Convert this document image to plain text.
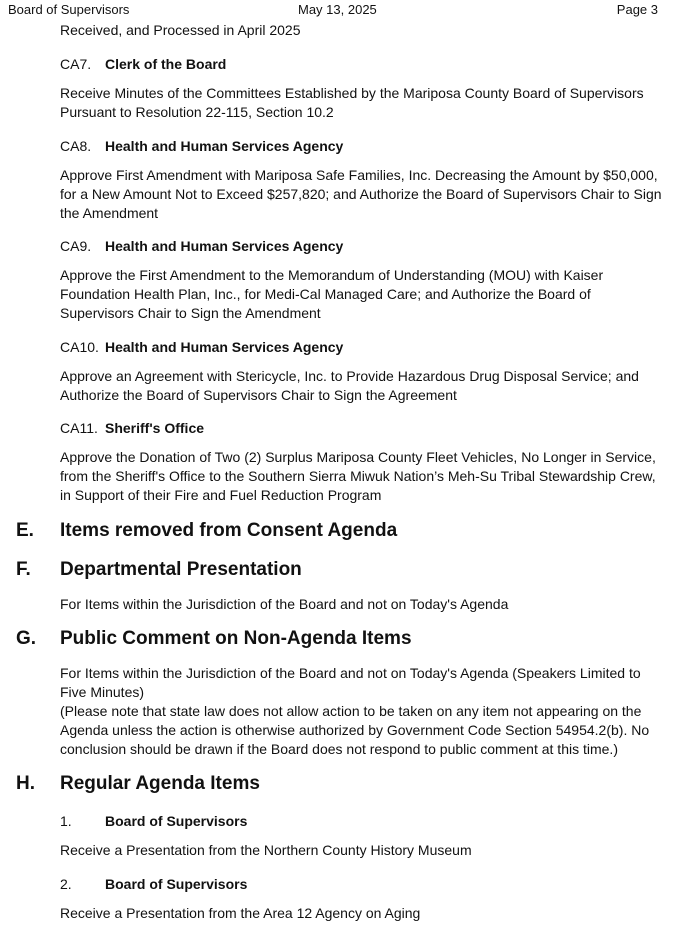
Board of Supervisors	May 13, 2025	Page 3
Received, and Processed in April 2025
CA7. Clerk of the Board
Receive Minutes of the Committees Established by the Mariposa County Board of Supervisors Pursuant to Resolution 22-115, Section 10.2
CA8. Health and Human Services Agency
Approve First Amendment with Mariposa Safe Families, Inc. Decreasing the Amount by $50,000, for a New Amount Not to Exceed $257,820; and Authorize the Board of Supervisors Chair to Sign the Amendment
CA9. Health and Human Services Agency
Approve the First Amendment to the Memorandum of Understanding (MOU) with Kaiser Foundation Health Plan, Inc., for Medi-Cal Managed Care; and Authorize the Board of Supervisors Chair to Sign the Amendment
CA10. Health and Human Services Agency
Approve an Agreement with Stericycle, Inc. to Provide Hazardous Drug Disposal Service; and Authorize the Board of Supervisors Chair to Sign the Agreement
CA11. Sheriff's Office
Approve the Donation of Two (2) Surplus Mariposa County Fleet Vehicles, No Longer in Service, from the Sheriff's Office to the Southern Sierra Miwuk Nation’s Meh-Su Tribal Stewardship Crew, in Support of their Fire and Fuel Reduction Program
E. Items removed from Consent Agenda
F. Departmental Presentation
For Items within the Jurisdiction of the Board and not on Today's Agenda
G. Public Comment on Non-Agenda Items
For Items within the Jurisdiction of the Board and not on Today's Agenda (Speakers Limited to Five Minutes)
(Please note that state law does not allow action to be taken on any item not appearing on the Agenda unless the action is otherwise authorized by Government Code Section 54954.2(b). No conclusion should be drawn if the Board does not respond to public comment at this time.)
H. Regular Agenda Items
1. Board of Supervisors
Receive a Presentation from the Northern County History Museum
2. Board of Supervisors
Receive a Presentation from the Area 12 Agency on Aging
